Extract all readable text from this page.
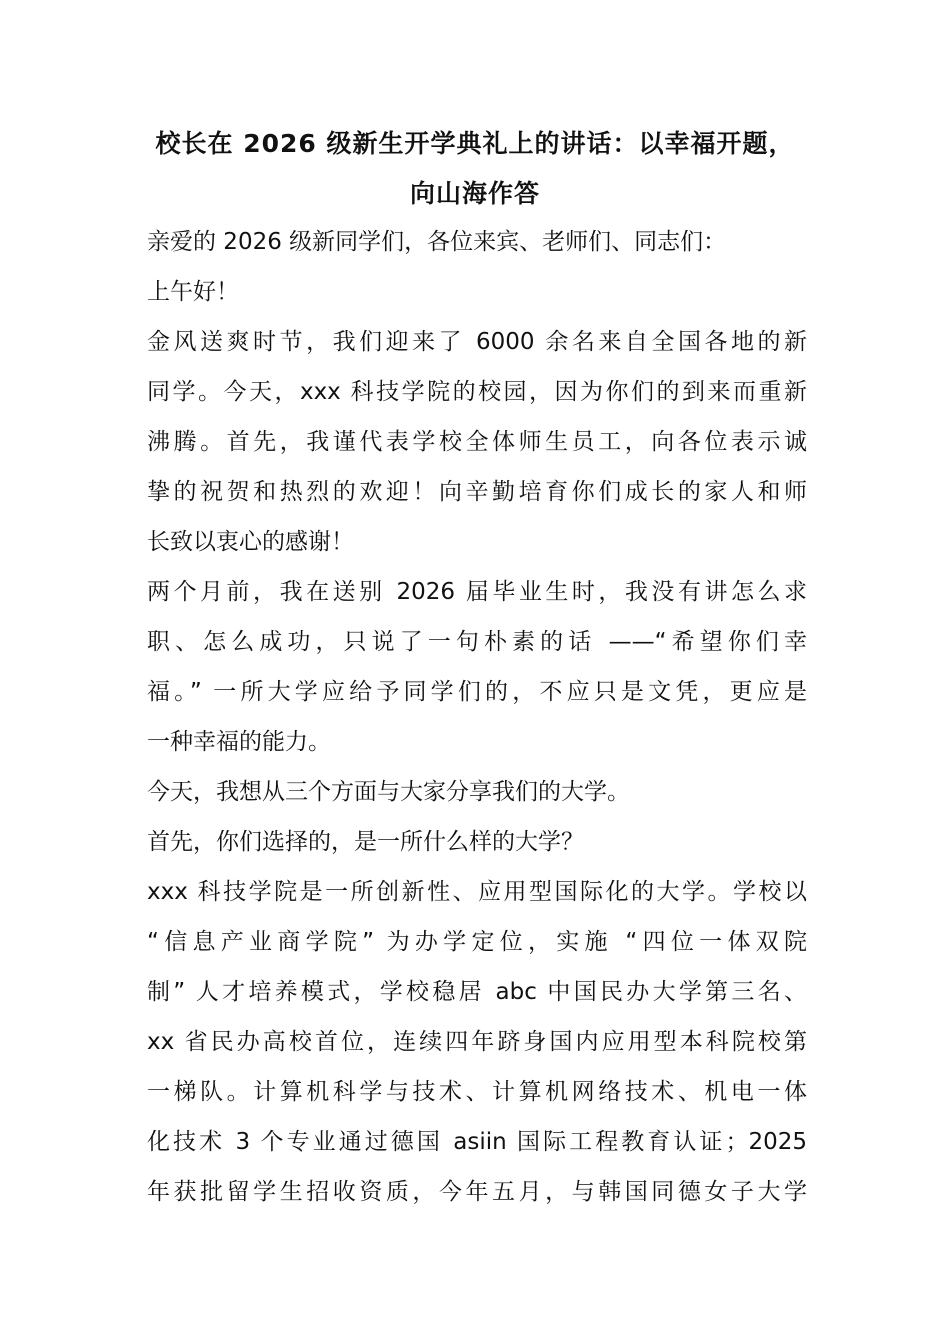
校长在 2026 级新生开学典礼上的讲话：以幸福开题，
向山海作答

亲爱的 2026 级新同学们，各位来宾、老师们、同志们：

上午好！

金风送爽时节，我们迎来了 6000 余名来自全国各地的新
同学。今天，xxx 科技学院的校园，因为你们的到来而重新
沸腾。首先，我谨代表学校全体师生员工，向各位表示诚
挚的祝贺和热烈的欢迎！向辛勤培育你们成长的家人和师
长致以衷心的感谢！

两个月前，我在送别 2026 届毕业生时，我没有讲怎么求
职、怎么成功，只说了一句朴素的话 ——“希望你们幸
福。” 一所大学应给予同学们的，不应只是文凭，更应是
一种幸福的能力。

今天，我想从三个方面与大家分享我们的大学。

首先，你们选择的，是一所什么样的大学？

xxx 科技学院是一所创新性、应用型国际化的大学。学校以
“信息产业商学院” 为办学定位，实施 “四位一体双院
制” 人才培养模式，学校稳居 abc 中国民办大学第三名、
xx 省民办高校首位，连续四年跻身国内应用型本科院校第
一梯队。计算机科学与技术、计算机网络技术、机电一体
化技术 3 个专业通过德国 asiin 国际工程教育认证；2025
年获批留学生招收资质，今年五月，与韩国同德女子大学
